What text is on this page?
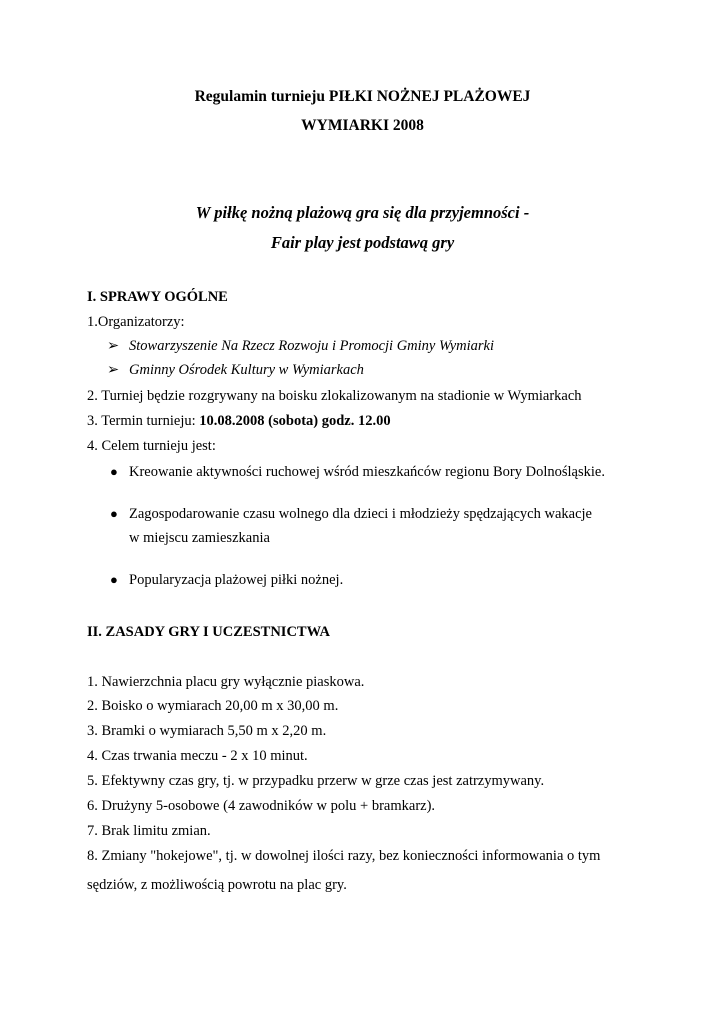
Regulamin turnieju PIŁKI NOŻNEJ PLAŻOWEJ
WYMIARKI 2008
W piłkę nożną plażową gra się dla przyjemności -
Fair play jest podstawą gry
I. SPRAWY OGÓLNE
1.Organizatorzy:
➢ Stowarzyszenie Na Rzecz Rozwoju i Promocji Gminy Wymiarki
➢ Gminny Ośrodek Kultury w Wymiarkach
2. Turniej będzie rozgrywany na boisku zlokalizowanym na stadionie w Wymiarkach
3. Termin turnieju: 10.08.2008 (sobota) godz. 12.00
4. Celem turnieju jest:
● Kreowanie aktywności ruchowej wśród mieszkańców regionu Bory Dolnośląskie.
● Zagospodarowanie czasu wolnego dla dzieci i młodzieży spędzających wakacje
w miejscu zamieszkania
● Popularyzacja plażowej piłki nożnej.
II. ZASADY GRY I UCZESTNICTWA
1. Nawierzchnia placu gry wyłącznie piaskowa.
2. Boisko o wymiarach 20,00 m x 30,00 m.
3. Bramki o wymiarach 5,50 m x 2,20 m.
4. Czas trwania meczu - 2 x 10 minut.
5. Efektywny czas gry, tj. w przypadku przerw w grze czas jest zatrzymywany.
6. Drużyny 5-osobowe (4 zawodników w polu + bramkarz).
7. Brak limitu zmian.
8. Zmiany "hokejowe", tj. w dowolnej ilości razy, bez konieczności informowania o tym
sędziów, z możliwością powrotu na plac gry.
